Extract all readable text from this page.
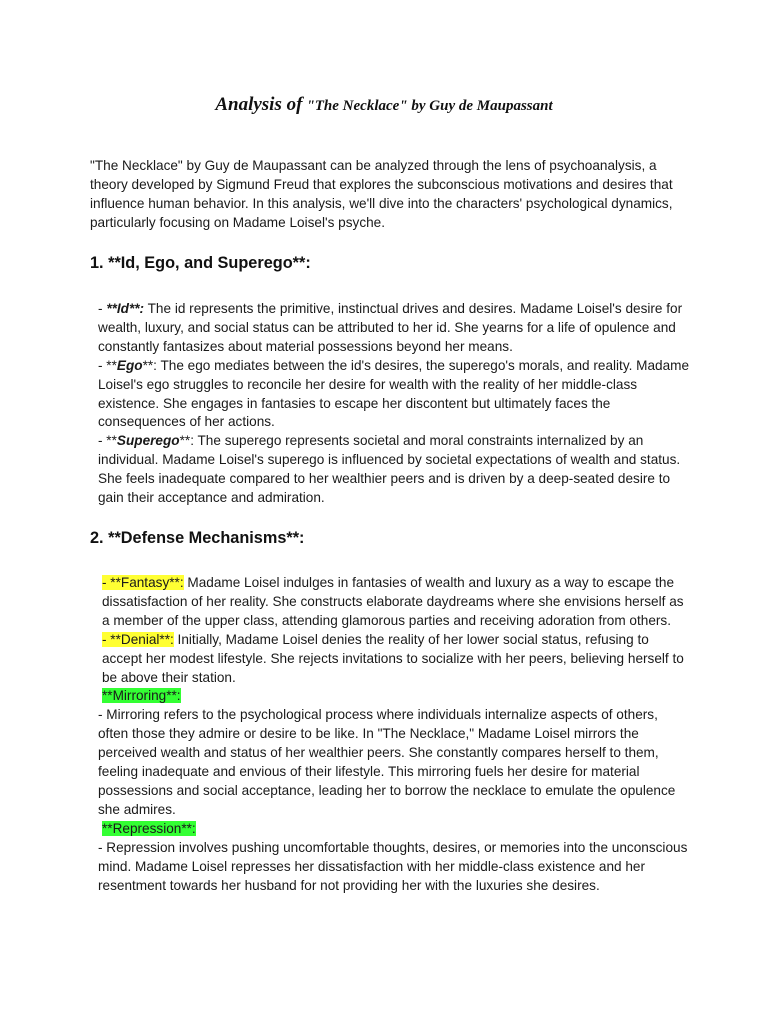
Analysis of "The Necklace" by Guy de Maupassant

"The Necklace" by Guy de Maupassant can be analyzed through the lens of psychoanalysis, a theory developed by Sigmund Freud that explores the subconscious motivations and desires that influence human behavior. In this analysis, we'll dive into the characters' psychological dynamics, particularly focusing on Madame Loisel's psyche.

1. **Id, Ego, and Superego**:

- **Id**: The id represents the primitive, instinctual drives and desires. Madame Loisel's desire for wealth, luxury, and social status can be attributed to her id. She yearns for a life of opulence and constantly fantasizes about material possessions beyond her means.

- **Ego**: The ego mediates between the id's desires, the superego's morals, and reality. Madame Loisel's ego struggles to reconcile her desire for wealth with the reality of her middle-class existence. She engages in fantasies to escape her discontent but ultimately faces the consequences of her actions.

- **Superego**: The superego represents societal and moral constraints internalized by an individual. Madame Loisel's superego is influenced by societal expectations of wealth and status. She feels inadequate compared to her wealthier peers and is driven by a deep-seated desire to gain their acceptance and admiration.

2. **Defense Mechanisms**:

- **Fantasy**: Madame Loisel indulges in fantasies of wealth and luxury as a way to escape the dissatisfaction of her reality. She constructs elaborate daydreams where she envisions herself as a member of the upper class, attending glamorous parties and receiving adoration from others.

- **Denial**: Initially, Madame Loisel denies the reality of her lower social status, refusing to accept her modest lifestyle. She rejects invitations to socialize with her peers, believing herself to be above their station.

**Mirroring**:

- Mirroring refers to the psychological process where individuals internalize aspects of others, often those they admire or desire to be like. In "The Necklace," Madame Loisel mirrors the perceived wealth and status of her wealthier peers. She constantly compares herself to them, feeling inadequate and envious of their lifestyle. This mirroring fuels her desire for material possessions and social acceptance, leading her to borrow the necklace to emulate the opulence she admires.

**Repression**:

- Repression involves pushing uncomfortable thoughts, desires, or memories into the unconscious mind. Madame Loisel represses her dissatisfaction with her middle-class existence and her resentment towards her husband for not providing her with the luxuries she desires.
